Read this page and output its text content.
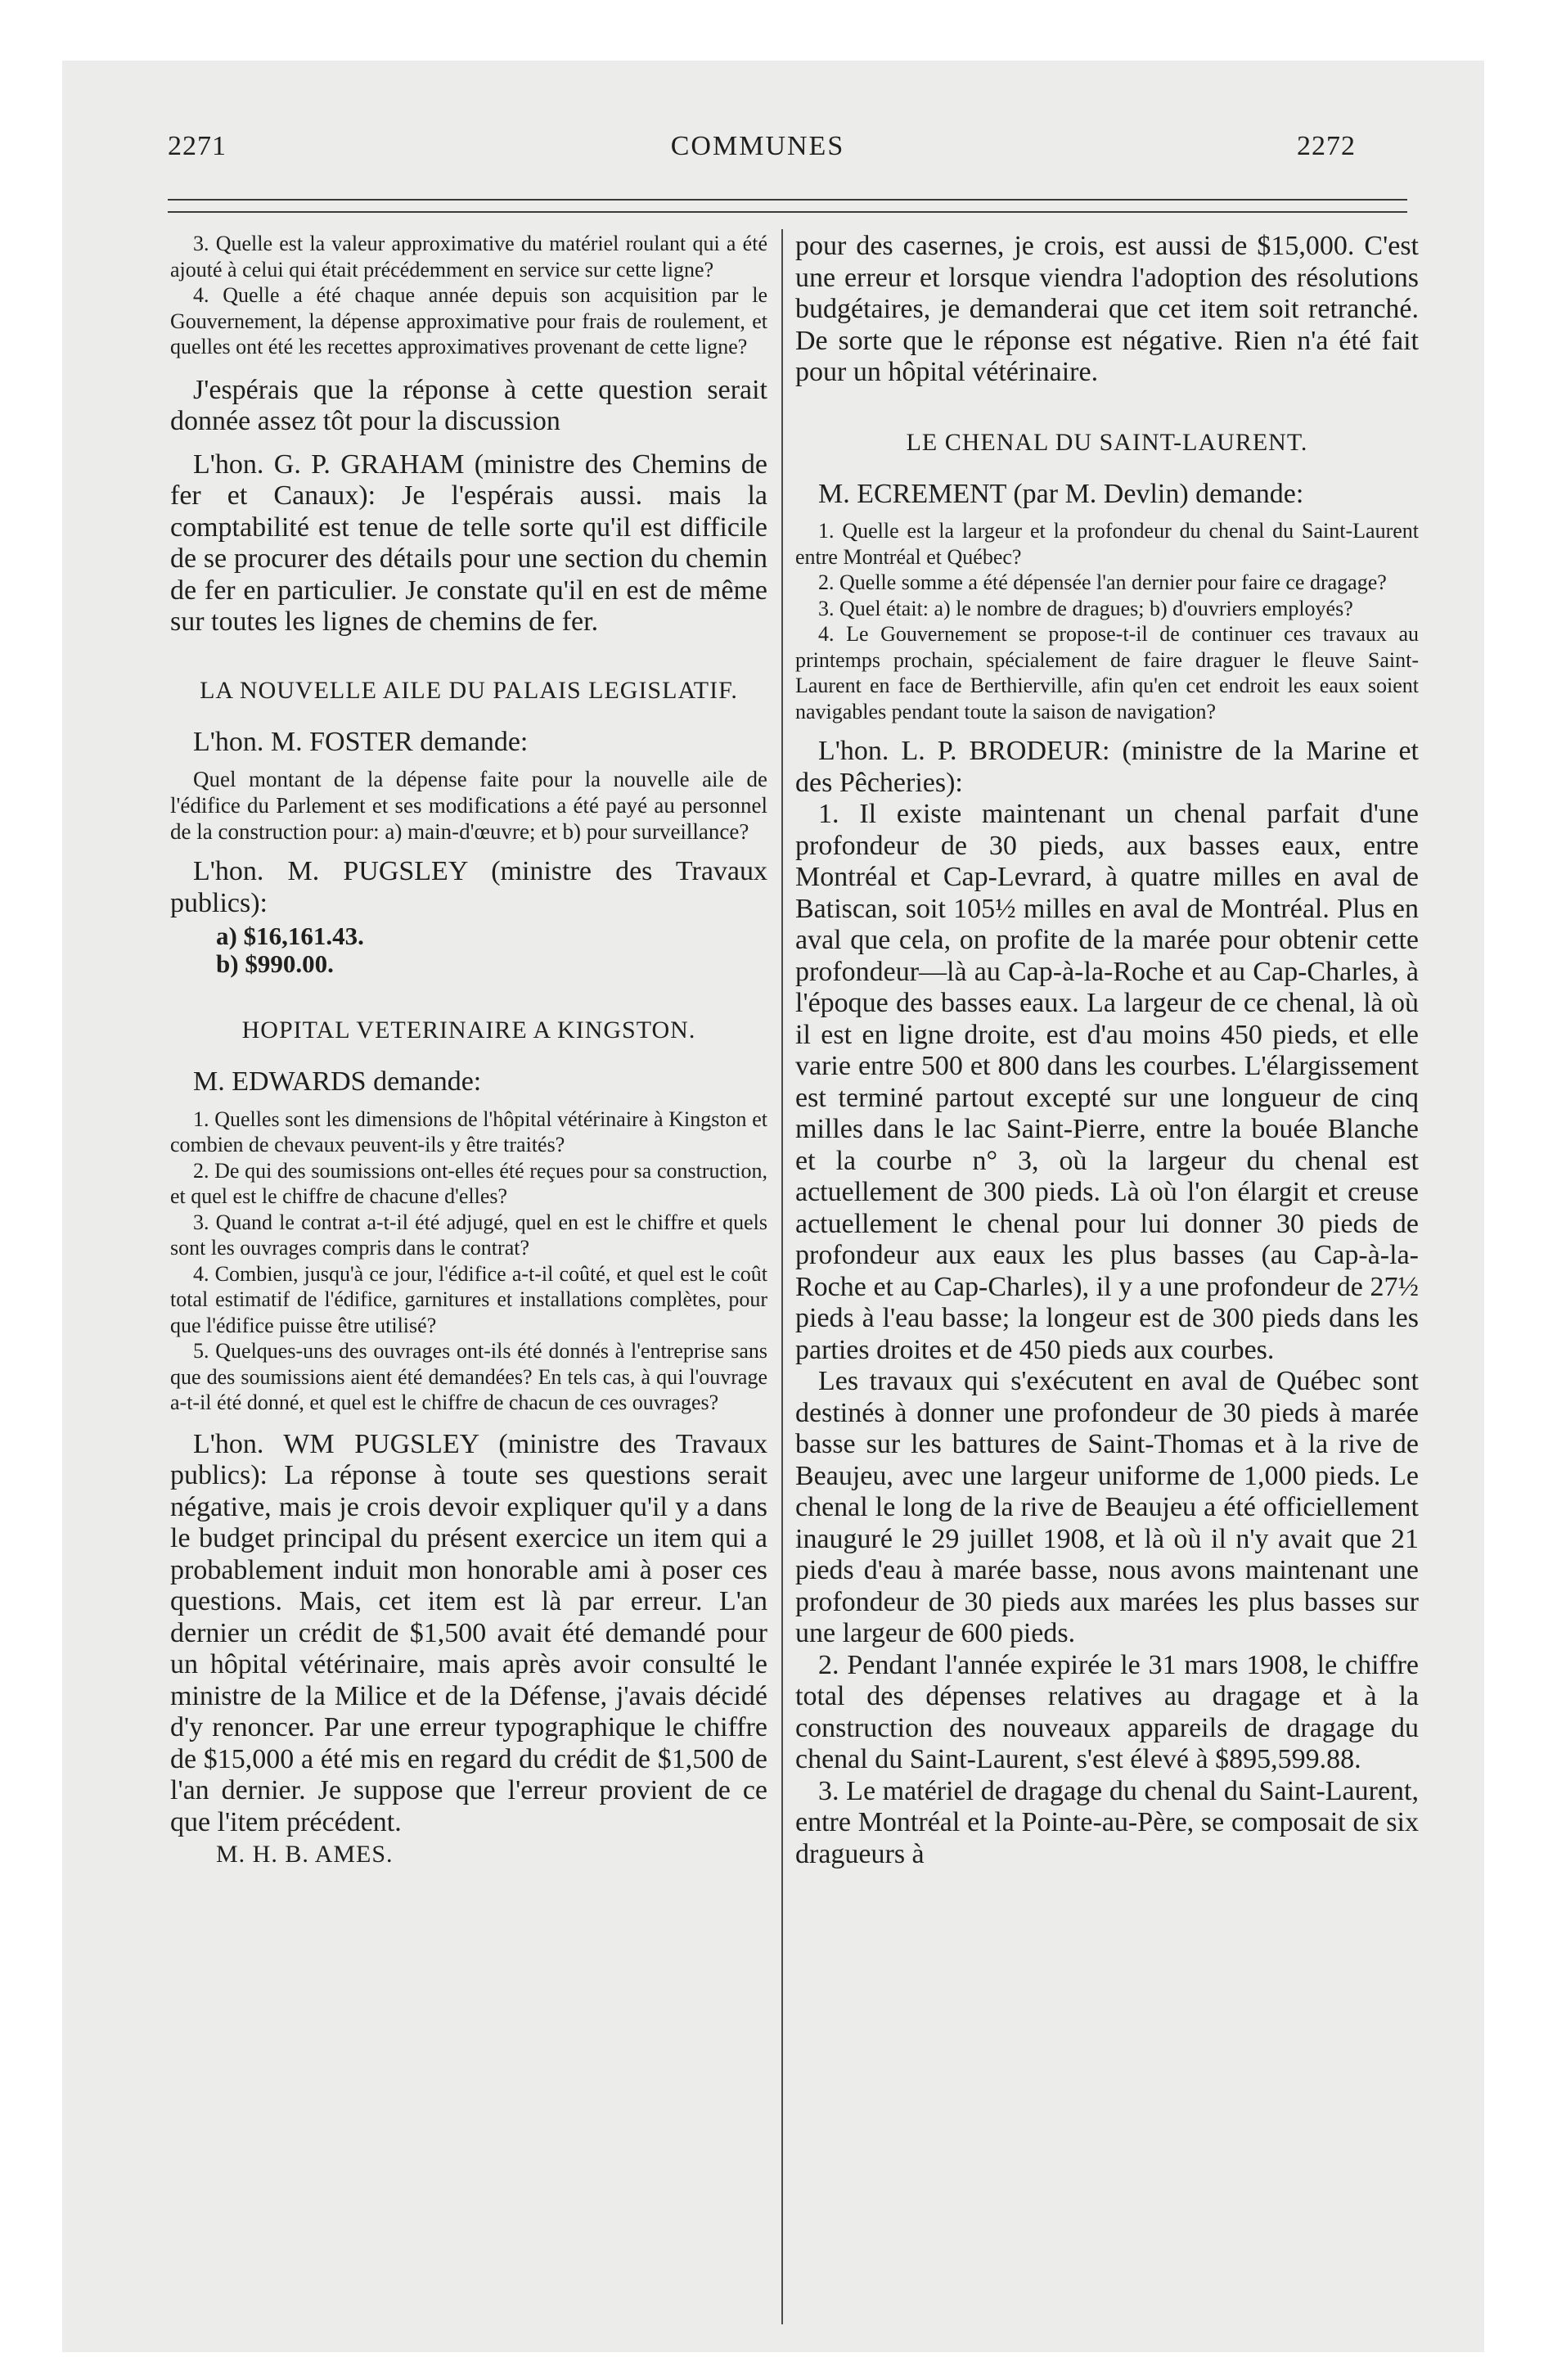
2271	COMMUNES	2272

3. Quelle est la valeur approximative du matériel roulant qui a été ajouté à celui qui était précédemment en service sur cette ligne?

4. Quelle a été chaque année depuis son acquisition par le Gouvernement, la dépense approximative pour frais de roulement, et quelles ont été les recettes approximatives provenant de cette ligne?

J'espérais que la réponse à cette question serait donnée assez tôt pour la discussion

L'hon. G. P. GRAHAM (ministre des Chemins de fer et Canaux): Je l'espérais aussi. mais la comptabilité est tenue de telle sorte qu'il est difficile de se procurer des détails pour une section du chemin de fer en particulier. Je constate qu'il en est de même sur toutes les lignes de chemins de fer.

LA NOUVELLE AILE DU PALAIS LEGISLATIF.

L'hon. M. FOSTER demande:

Quel montant de la dépense faite pour la nouvelle aile de l'édifice du Parlement et ses modifications a été payé au personnel de la construction pour: a) main-d'œuvre; et b) pour surveillance?

L'hon. M. PUGSLEY (ministre des Travaux publics):

a) $16,161.43.

b) $990.00.

HOPITAL VETERINAIRE A KINGSTON.

M. EDWARDS demande:

1. Quelles sont les dimensions de l'hôpital vétérinaire à Kingston et combien de chevaux peuvent-ils y être traités?

2. De qui des soumissions ont-elles été reçues pour sa construction, et quel est le chiffre de chacune d'elles?

3. Quand le contrat a-t-il été adjugé, quel en est le chiffre et quels sont les ouvrages compris dans le contrat?

4. Combien, jusqu'à ce jour, l'édifice a-t-il coûté, et quel est le coût total estimatif de l'édifice, garnitures et installations complètes, pour que l'édifice puisse être utilisé?

5. Quelques-uns des ouvrages ont-ils été donnés à l'entreprise sans que des soumissions aient été demandées? En tels cas, à qui l'ouvrage a-t-il été donné, et quel est le chiffre de chacun de ces ouvrages?

L'hon. WM PUGSLEY (ministre des Travaux publics): La réponse à toute ses questions serait négative, mais je crois devoir expliquer qu'il y a dans le budget principal du présent exercice un item qui a probablement induit mon honorable ami à poser ces questions. Mais, cet item est là par erreur. L'an dernier un crédit de $1,500 avait été demandé pour un hôpital vétérinaire, mais après avoir consulté le ministre de la Milice et de la Défense, j'avais décidé d'y renoncer. Par une erreur typographique le chiffre de $15,000 a été mis en regard du crédit de $1,500 de l'an dernier. Je suppose que l'erreur provient de ce que l'item précédent.

M. H. B. AMES.

pour des casernes, je crois, est aussi de $15,000. C'est une erreur et lorsque viendra l'adoption des résolutions budgétaires, je demanderai que cet item soit retranché. De sorte que le réponse est négative. Rien n'a été fait pour un hôpital vétérinaire.

LE CHENAL DU SAINT-LAURENT.

M. ECREMENT (par M. Devlin) demande:

1. Quelle est la largeur et la profondeur du chenal du Saint-Laurent entre Montréal et Québec?

2. Quelle somme a été dépensée l'an dernier pour faire ce dragage?

3. Quel était: a) le nombre de dragues; b) d'ouvriers employés?

4. Le Gouvernement se propose-t-il de continuer ces travaux au printemps prochain, spécialement de faire draguer le fleuve Saint-Laurent en face de Berthierville, afin qu'en cet endroit les eaux soient navigables pendant toute la saison de navigation?

L'hon. L. P. BRODEUR: (ministre de la Marine et des Pêcheries):

1. Il existe maintenant un chenal parfait d'une profondeur de 30 pieds, aux basses eaux, entre Montréal et Cap-Levrard, à quatre milles en aval de Batiscan, soit 105½ milles en aval de Montréal. Plus en aval que cela, on profite de la marée pour obtenir cette profondeur—là au Cap-à-la-Roche et au Cap-Charles, à l'époque des basses eaux. La largeur de ce chenal, là où il est en ligne droite, est d'au moins 450 pieds, et elle varie entre 500 et 800 dans les courbes. L'élargissement est terminé partout excepté sur une longueur de cinq milles dans le lac Saint-Pierre, entre la bouée Blanche et la courbe n° 3, où la largeur du chenal est actuellement de 300 pieds. Là où l'on élargit et creuse actuellement le chenal pour lui donner 30 pieds de profondeur aux eaux les plus basses (au Cap-à-la-Roche et au Cap-Charles), il y a une profondeur de 27½ pieds à l'eau basse; la longeur est de 300 pieds dans les parties droites et de 450 pieds aux courbes.

Les travaux qui s'exécutent en aval de Québec sont destinés à donner une profondeur de 30 pieds à marée basse sur les battures de Saint-Thomas et à la rive de Beaujeu, avec une largeur uniforme de 1,000 pieds. Le chenal le long de la rive de Beaujeu a été officiellement inauguré le 29 juillet 1908, et là où il n'y avait que 21 pieds d'eau à marée basse, nous avons maintenant une profondeur de 30 pieds aux marées les plus basses sur une largeur de 600 pieds.

2. Pendant l'année expirée le 31 mars 1908, le chiffre total des dépenses relatives au dragage et à la construction des nouveaux appareils de dragage du chenal du Saint-Laurent, s'est élevé à $895,599.88.

3. Le matériel de dragage du chenal du Saint-Laurent, entre Montréal et la Pointe-au-Père, se composait de six dragueurs à
